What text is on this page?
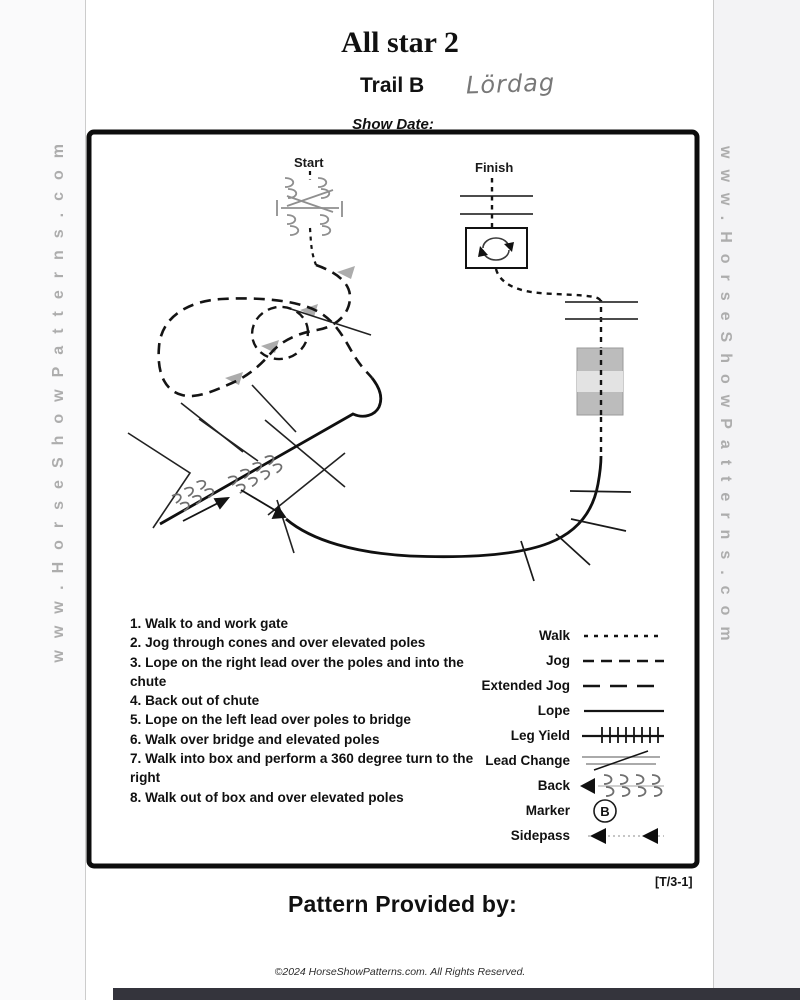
www.HorseShowPatterns.com	www.HorseShowPatterns.com
All star 2
Trail B Lördag
Show Date:
Start	Finish
1. Walk to and work gate
2. Jog through cones and over elevated poles
3. Lope on the right lead over the poles and into the chute
4. Back out of chute
5. Lope on the left lead over poles to bridge
6. Walk over bridge and elevated poles
7. Walk into box and perform a 360 degree turn to the right
8. Walk out of box and over elevated poles
Walk
Jog
Extended Jog
Lope
Leg Yield
Lead Change
Back
Marker	B
Sidepass
[T/3-1]
Pattern Provided by:
©2024 HorseShowPatterns.com. All Rights Reserved.
